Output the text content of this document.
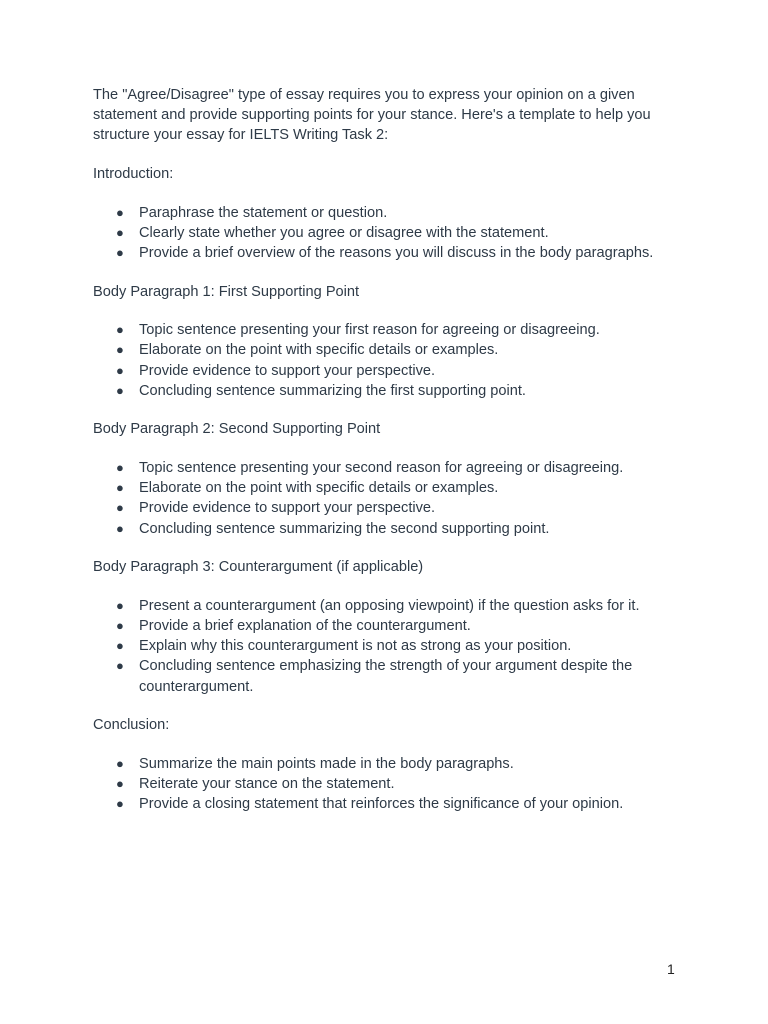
The "Agree/Disagree" type of essay requires you to express your opinion on a given statement and provide supporting points for your stance. Here's a template to help you structure your essay for IELTS Writing Task 2:

Introduction:

● Paraphrase the statement or question.
● Clearly state whether you agree or disagree with the statement.
● Provide a brief overview of the reasons you will discuss in the body paragraphs.

Body Paragraph 1: First Supporting Point

● Topic sentence presenting your first reason for agreeing or disagreeing.
● Elaborate on the point with specific details or examples.
● Provide evidence to support your perspective.
● Concluding sentence summarizing the first supporting point.

Body Paragraph 2: Second Supporting Point

● Topic sentence presenting your second reason for agreeing or disagreeing.
● Elaborate on the point with specific details or examples.
● Provide evidence to support your perspective.
● Concluding sentence summarizing the second supporting point.

Body Paragraph 3: Counterargument (if applicable)

● Present a counterargument (an opposing viewpoint) if the question asks for it.
● Provide a brief explanation of the counterargument.
● Explain why this counterargument is not as strong as your position.
● Concluding sentence emphasizing the strength of your argument despite the counterargument.

Conclusion:

● Summarize the main points made in the body paragraphs.
● Reiterate your stance on the statement.
● Provide a closing statement that reinforces the significance of your opinion.
1
